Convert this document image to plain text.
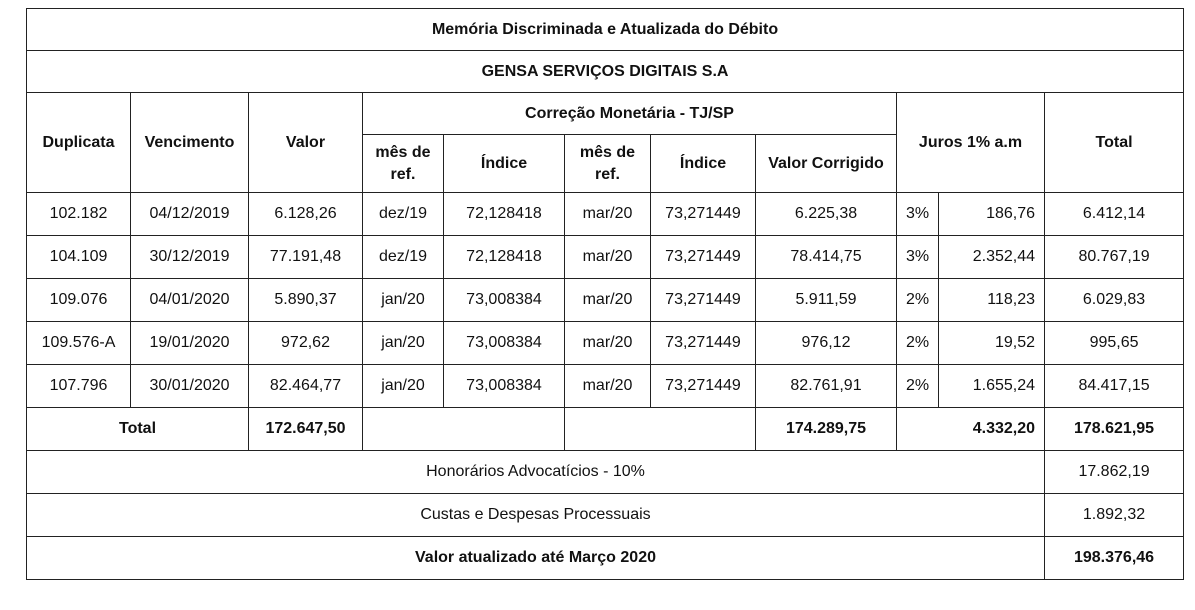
Memória Discriminada e Atualizada do Débito										
GENSA SERVIÇOS DIGITAIS S.A										
Duplicata	Vencimento	Valor	Correção Monetária - TJ/SP					Juros 1% a.m		Total
			mês de ref.	Índice	mês de ref.	Índice	Valor Corrigido			
102.182	04/12/2019	6.128,26	dez/19	72,128418	mar/20	73,271449	6.225,38	3%	186,76	6.412,14
104.109	30/12/2019	77.191,48	dez/19	72,128418	mar/20	73,271449	78.414,75	3%	2.352,44	80.767,19
109.076	04/01/2020	5.890,37	jan/20	73,008384	mar/20	73,271449	5.911,59	2%	118,23	6.029,83
109.576-A	19/01/2020	972,62	jan/20	73,008384	mar/20	73,271449	976,12	2%	19,52	995,65
107.796	30/01/2020	82.464,77	jan/20	73,008384	mar/20	73,271449	82.761,91	2%	1.655,24	84.417,15
Total		172.647,50					174.289,75	4.332,20		178.621,95
Honorários Advocatícios - 10%										17.862,19
Custas e Despesas Processuais										1.892,32
Valor atualizado até Março 2020										198.376,46
